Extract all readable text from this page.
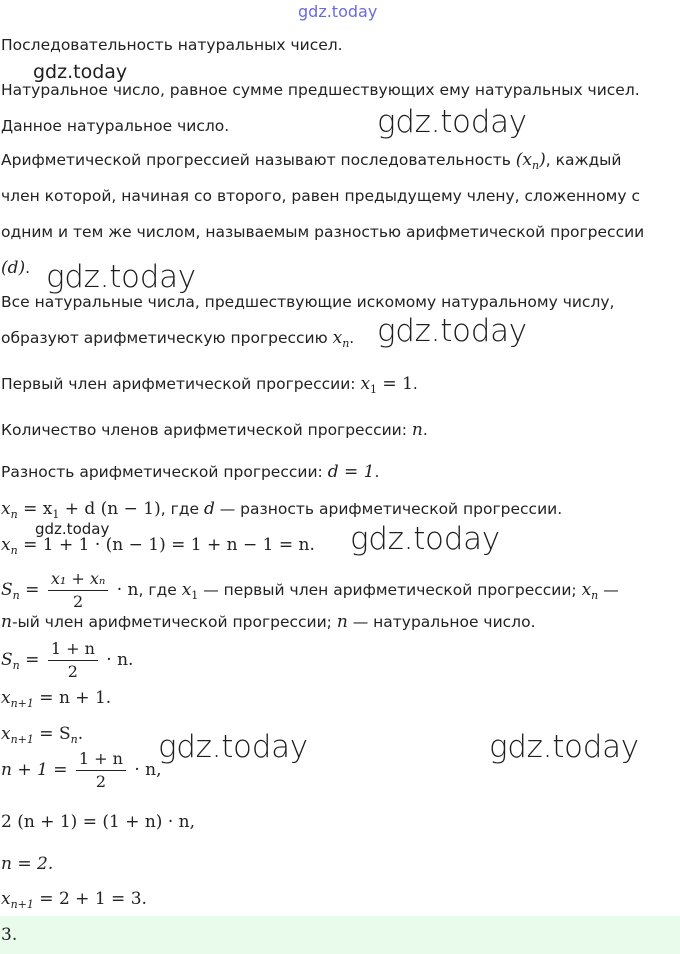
gdz.today
gdz.today
gdz.today
gdz.today
gdz.today
gdz.today	gdz.today
gdz.today	gdz.today
Последовательность натуральных чисел.
Натуральное число, равное сумме предшествующих ему натуральных чисел.
Данное натуральное число.
Арифметической прогрессией называют последовательность $(x_n)$, каждый
член которой, начиная со второго, равен предыдущему члену, сложенному с
одним и тем же числом, называемым разностью арифметической прогрессии
(d).
Все натуральные числа, предшествующие искомому натуральному числу,
образуют арифметическую прогрессию $x_n$.
Первый член арифметической прогрессии: $x_1 = 1$.
Количество членов арифметической прогрессии: n.
Разность арифметической прогрессии: d = 1.
$x_n = x_1 + d$ (n − 1), где d — разность арифметической прогрессии.
$x_n = 1 + 1 \cdot (n - 1) = 1 + n - 1 = n$.
$S_n = \frac{\text{x₁ + xₙ}}{2} \cdot n$, где $x_1$ — первый член арифметической прогрессии; $x_n$ —
n-ый член арифметической прогрессии; n — натуральное число.
$S_n = \frac{1 + n}{2} \cdot n$.
$x_{n+1} = n + 1$.
$x_{n+1} = S_n$.
$n + 1 = \frac{1 + n}{2} \cdot n$,
2 (n + 1) = (1 + n) · n,
n = 2.
$x_{n+1} = 2 + 1 = 3$.
3.
